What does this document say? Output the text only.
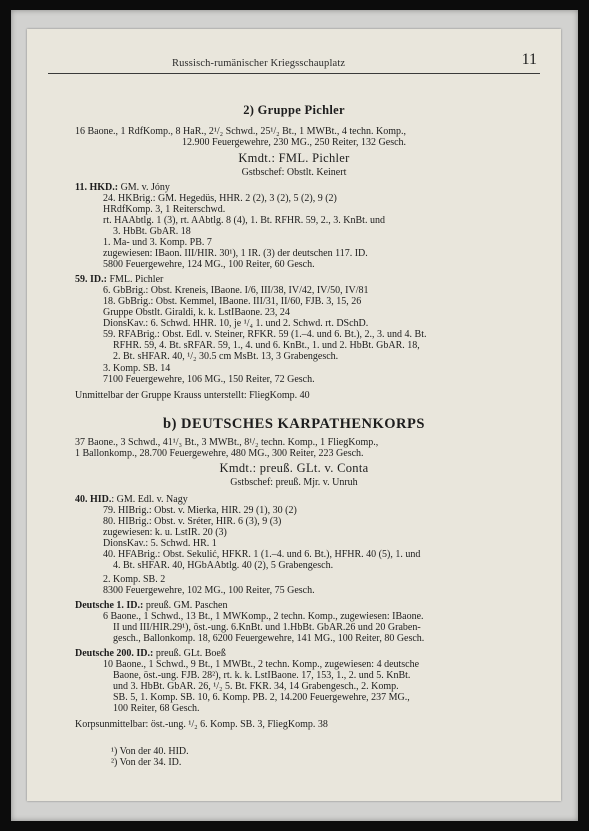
Russisch-rumänischer Kriegsschauplatz	11
2) Gruppe Pichler
16 Baone., 1 RdfKomp., 8 HaR., 2¹/₂ Schwd., 25¹/₂ Bt., 1 MWBt., 4 techn. Komp.,
12.900 Feuergewehre, 230 MG., 250 Reiter, 132 Gesch.
Kmdt.: FML. Pichler
Gstbschef: Obstlt. Keinert
11. HKD.: GM. v. Jóny
24. HKBrig.: GM. Hegedüs, HHR. 2 (2), 3 (2), 5 (2), 9 (2)
HRdfKomp. 3, 1 Reiterschwd.
rt. HAAbtlg. 1 (3), rt. AAbtlg. 8 (4), 1. Bt. RFHR. 59, 2., 3. KnBt. und
3. HbBt. GbAR. 18
1. Ma- und 3. Komp. PB. 7
zugewiesen: IBaon. III/HIR. 30¹), 1 IR. (3) der deutschen 117. ID.
5800 Feuergewehre, 124 MG., 100 Reiter, 60 Gesch.
59. ID.: FML. Pichler
6. GbBrig.: Obst. Kreneis, IBaone. I/6, III/38, IV/42, IV/50, IV/81
18. GbBrig.: Obst. Kemmel, IBaone. III/31, II/60, FJB. 3, 15, 26
Gruppe Obstlt. Giraldi, k. k. LstIBaone. 23, 24
DionsKav.: 6. Schwd. HHR. 10, je ¹/₄ 1. und 2. Schwd. rt. DSchD.
59. RFABrig.: Obst. Edl. v. Steiner, RFKR. 59 (1.–4. und 6. Bt.), 2., 3. und 4. Bt.
RFHR. 59, 4. Bt. sRFAR. 59, 1., 4. und 6. KnBt., 1. und 2. HbBt. GbAR. 18,
2. Bt. sHFAR. 40, ¹/₂ 30.5 cm MsBt. 13, 3 Grabengesch.
3. Komp. SB. 14
7100 Feuergewehre, 106 MG., 150 Reiter, 72 Gesch.
Unmittelbar der Gruppe Krauss unterstellt: FliegKomp. 40
b) DEUTSCHES KARPATHENKORPS
37 Baone., 3 Schwd., 41¹/₃ Bt., 3 MWBt., 8¹/₂ techn. Komp., 1 FliegKomp.,
1 Ballonkomp., 28.700 Feuergewehre, 480 MG., 300 Reiter, 223 Gesch.
Kmdt.: preuß. GLt. v. Conta
Gstbschef: preuß. Mjr. v. Unruh
40. HID.: GM. Edl. v. Nagy
79. HIBrig.: Obst. v. Mierka, HIR. 29 (1), 30 (2)
80. HIBrig.: Obst. v. Sréter, HIR. 6 (3), 9 (3)
zugewiesen: k. u. LstIR. 20 (3)
DionsKav.: 5. Schwd. HR. 1
40. HFABrig.: Obst. Sekulić, HFKR. 1 (1.–4. und 6. Bt.), HFHR. 40 (5), 1. und
4. Bt. sHFAR. 40, HGbAAbtlg. 40 (2), 5 Grabengesch.
2. Komp. SB. 2
8300 Feuergewehre, 102 MG., 100 Reiter, 75 Gesch.
Deutsche 1. ID.: preuß. GM. Paschen
6 Baone., 1 Schwd., 13 Bt., 1 MWKomp., 2 techn. Komp., zugewiesen: IBaone.
II und III/HIR.29¹), öst.-ung. 6.KnBt. und 1.HbBt. GbAR.26 und 20 Graben-
gesch., Ballonkomp. 18, 6200 Feuergewehre, 141 MG., 100 Reiter, 80 Gesch.
Deutsche 200. ID.: preuß. GLt. Boeß
10 Baone., 1 Schwd., 9 Bt., 1 MWBt., 2 techn. Komp., zugewiesen: 4 deutsche
Baone, öst.-ung. FJB. 28²), rt. k. k. LstIBaone. 17, 153, 1., 2. und 5. KnBt.
und 3. HbBt. GbAR. 26, ¹/₂ 5. Bt. FKR. 34, 14 Grabengesch., 2. Komp.
SB. 5, 1. Komp. SB. 10, 6. Komp. PB. 2, 14.200 Feuergewehre, 237 MG.,
100 Reiter, 68 Gesch.
Korpsunmittelbar: öst.-ung. ¹/₂ 6. Komp. SB. 3, FliegKomp. 38
¹) Von der 40. HID.
²) Von der 34. ID.
